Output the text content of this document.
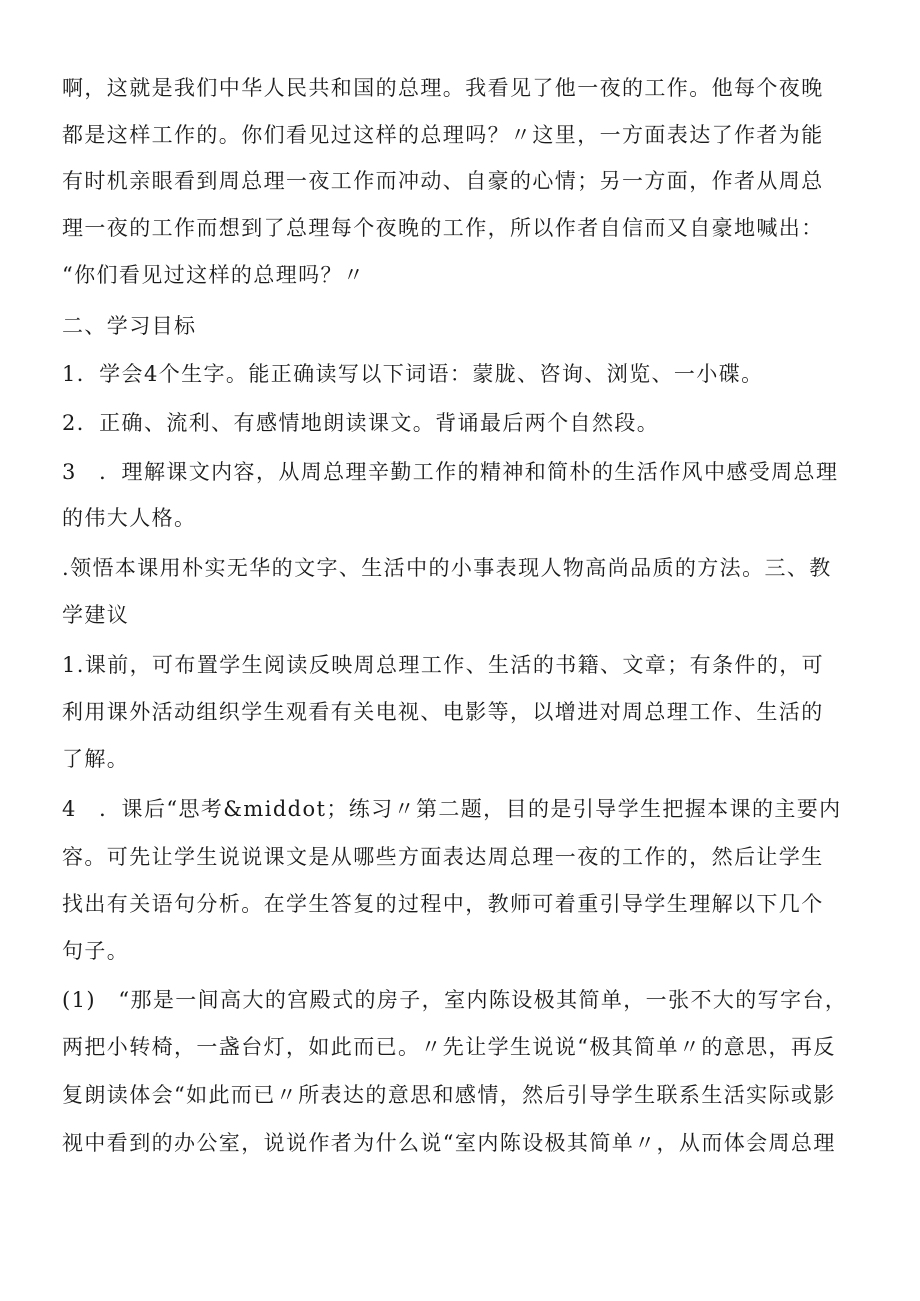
啊，这就是我们中华人民共和国的总理。我看见了他一夜的工作。他每个夜晚

都是这样工作的。你们看见过这样的总理吗？〃这里，一方面表达了作者为能

有时机亲眼看到周总理一夜工作而冲动、自豪的心情；另一方面，作者从周总

理一夜的工作而想到了总理每个夜晚的工作，所以作者自信而又自豪地喊出：

“你们看见过这样的总理吗？〃

二、学习目标

1．学会4个生字。能正确读写以下词语：蒙胧、咨询、浏览、一小碟。

2．正确、流利、有感情地朗读课文。背诵最后两个自然段。

3　．理解课文内容，从周总理辛勤工作的精神和简朴的生活作风中感受周总理

的伟大人格。

.领悟本课用朴实无华的文字、生活中的小事表现人物高尚品质的方法。三、教

学建议

1.课前，可布置学生阅读反映周总理工作、生活的书籍、文章；有条件的，可

利用课外活动组织学生观看有关电视、电影等，以增进对周总理工作、生活的

了解。

4　．课后“思考&middot；练习〃第二题，目的是引导学生把握本课的主要内

容。可先让学生说说课文是从哪些方面表达周总理一夜的工作的，然后让学生

找出有关语句分析。在学生答复的过程中，教师可着重引导学生理解以下几个

句子。

(1)　“那是一间高大的宫殿式的房子，室内陈设极其简单，一张不大的写字台，

两把小转椅，一盏台灯，如此而已。〃先让学生说说“极其简单〃的意思，再反

复朗读体会“如此而已〃所表达的意思和感情，然后引导学生联系生活实际或影

视中看到的办公室，说说作者为什么说“室内陈设极其简单〃，从而体会周总理
